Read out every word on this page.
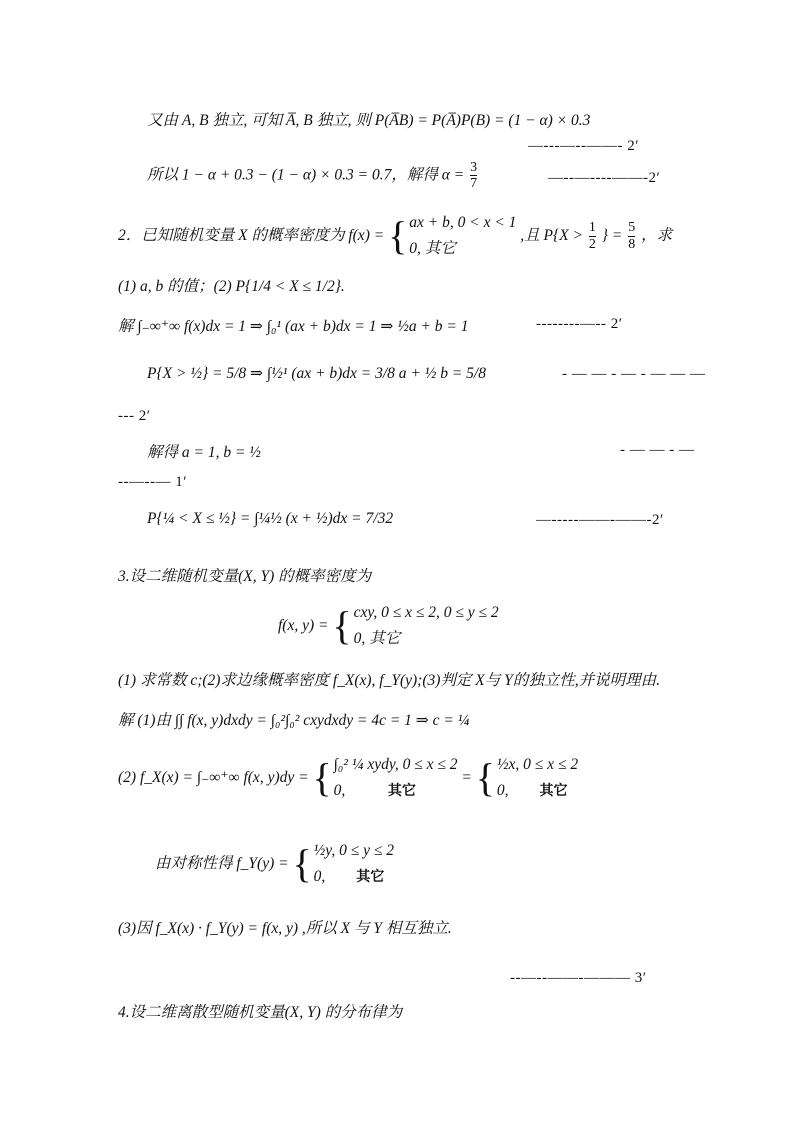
又由 A, B 独立, 可知 A̅, B 独立, 则 P(A̅B) = P(A̅)P(B) = (1 − α) × 0.3
—---—--——- 2′
所以 1 − α + 0.3 − (1 − α) × 0.3 = 0.7，解得 $\alpha = \frac{3}{7}$	—--—----——-2′
2．已知随机变量 X 的概率密度为 f(x) = { ax + b, 0 < x < 1
0, 其它
,且 $P\{X > \frac{1}{2}$ } = $\frac{5}{8}$ ，求
(1) a, b 的值；(2) P{1/4 < X ≤ 1/2}.
解 ∫₋∞⁺∞ f(x)dx = 1 ⇒ ∫₀¹ (ax + b)dx = 1 ⇒ ½a + b = 1	--------—-- 2′
P{X > ½} = 5/8 ⇒ ∫½¹ (ax + b)dx = 3/8 a + ½ b = 5/8	- — — - — - — — —
--- 2′
解得 a = 1, b = ½	- — — - —
--—--— 1′
P{¼ < X ≤ ½} = ∫¼½ (x + ½)dx = 7/32	—-----——-——-2′
3.设二维随机变量(X, Y) 的概率密度为
f(x, y) = { cxy, 0 ≤ x ≤ 2, 0 ≤ y ≤ 2
0, 其它
(1) 求常数 c;(2)求边缘概率密度 f_X(x), f_Y(y);(3)判定 X与 Y的独立性,并说明理由.
解 (1)由 ∫∫ f(x, y)dxdy = ∫₀²∫₀² cxydxdy = 4c = 1 ⇒ c = ¼
(2) f_X(x) = ∫₋∞⁺∞ f(x, y)dy = { ∫₀² ¼ xydy, 0 ≤ x ≤ 2
0,	其它
= { ½x, 0 ≤ x ≤ 2
0, 其它
由对称性得 f_Y(y) = { ½y, 0 ≤ y ≤ 2
0, 其它
(3)因 f_X(x) · f_Y(y) = f(x, y) ,所以 X 与 Y 相互独立.
--—--——-——— 3′
4.设二维离散型随机变量(X, Y) 的分布律为
